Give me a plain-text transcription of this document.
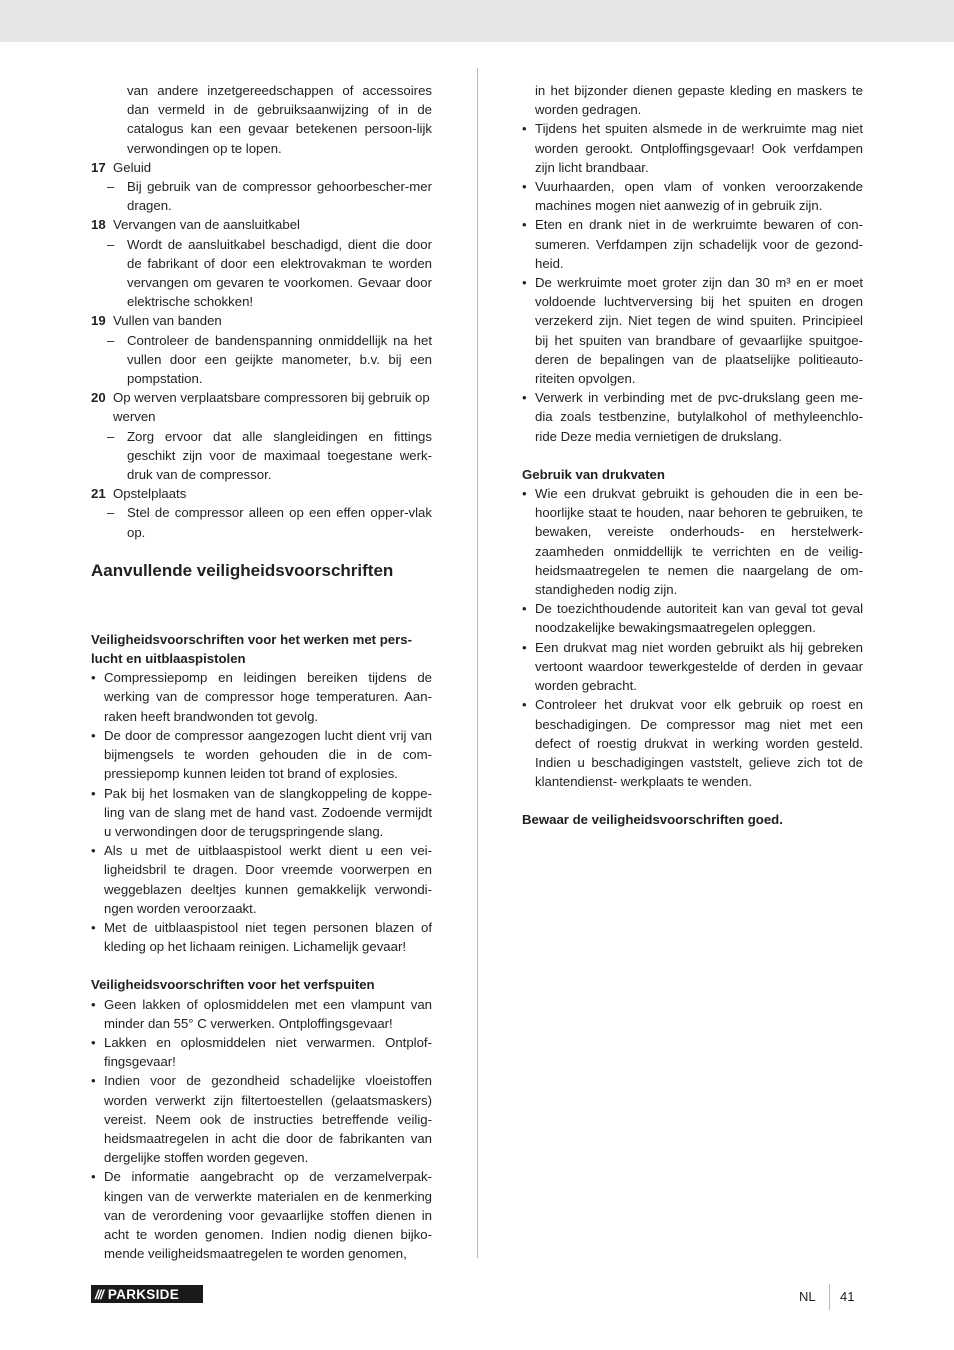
van andere inzetgereedschappen of accessoires dan vermeld in de gebruiksaanwijzing of in de catalogus kan een gevaar betekenen persoon-lijk verwondingen op te lopen.

17 Geluid
– Bij gebruik van de compressor gehoorbescher-mer dragen.
18 Vervangen van de aansluitkabel
– Wordt de aansluitkabel beschadigd, dient die door de fabrikant of door een elektrovakman te worden vervangen om gevaren te voorkomen. Gevaar door elektrische schokken!
19 Vullen van banden
– Controleer de bandenspanning onmiddellijk na het vullen door een geijkte manometer, b.v. bij een pompstation.
20 Op werven verplaatsbare compressoren bij gebruik op werven
– Zorg ervoor dat alle slangleidingen en fittings geschikt zijn voor de maximaal toegestane werk-druk van de compressor.
21 Opstelplaats
– Stel de compressor alleen op een effen opper-vlak op.
Aanvullende veiligheidsvoorschriften
Veiligheidsvoorschriften voor het werken met pers-lucht en uitblaaspistolen
• Compressiepomp en leidingen bereiken tijdens de werking van de compressor hoge temperaturen. Aan-raken heeft brandwonden tot gevolg.
• De door de compressor aangezogen lucht dient vrij van bijmengsels te worden gehouden die in de com-pressiepomp kunnen leiden tot brand of explosies.
• Pak bij het losmaken van de slangkoppeling de koppe-ling van de slang met de hand vast. Zodoende vermijdt u verwondingen door de terugspringende slang.
• Als u met de uitblaaspistool werkt dient u een vei-ligheidsbril te dragen. Door vreemde voorwerpen en weggeblazen deeltjes kunnen gemakkelijk verwondi-ngen worden veroorzaakt.
• Met de uitblaaspistool niet tegen personen blazen of kleding op het lichaam reinigen. Lichamelijk gevaar!
Veiligheidsvoorschriften voor het verfspuiten
• Geen lakken of oplosmiddelen met een vlampunt van minder dan 55° C verwerken. Ontploffingsgevaar!
• Lakken en oplosmiddelen niet verwarmen. Ontplof-fingsgevaar!
• Indien voor de gezondheid schadelijke vloeistoffen worden verwerkt zijn filtertoestellen (gelaatsmaskers) vereist. Neem ook de instructies betreffende veilig-heidsmaatregelen in acht die door de fabrikanten van dergelijke stoffen worden gegeven.
• De informatie aangebracht op de verzamelverpak-kingen van de verwerkte materialen en de kenmerking van de verordening voor gevaarlijke stoffen dienen in acht te worden genomen. Indien nodig dienen bijko-mende veiligheidsmaatregelen te worden genomen,

in het bijzonder dienen gepaste kleding en maskers te worden gedragen.

• Tijdens het spuiten alsmede in de werkruimte mag niet worden gerookt. Ontploffingsgevaar! Ook verfdampen zijn licht brandbaar.
• Vuurhaarden, open vlam of vonken veroorzakende machines mogen niet aanwezig of in gebruik zijn.
• Eten en drank niet in de werkruimte bewaren of con-sumeren. Verfdampen zijn schadelijk voor de gezond-heid.
• De werkruimte moet groter zijn dan 30 m³ en er moet voldoende luchtverversing bij het spuiten en drogen verzekerd zijn. Niet tegen de wind spuiten. Principieel bij het spuiten van brandbare of gevaarlijke spuitgoe-deren de bepalingen van de plaatselijke politieauto-riteiten opvolgen.
• Verwerk in verbinding met de pvc-drukslang geen me-dia zoals testbenzine, butylalkohol of methyleenchlo-ride Deze media vernietigen de drukslang.
Gebruik van drukvaten
• Wie een drukvat gebruikt is gehouden die in een be-hoorlijke staat te houden, naar behoren te gebruiken, te bewaken, vereiste onderhouds- en herstelwerk-zaamheden onmiddellijk te verrichten en de veilig-heidsmaatregelen te nemen die naargelang de om-standigheden nodig zijn.
• De toezichthoudende autoriteit kan van geval tot geval noodzakelijke bewakingsmaatregelen opleggen.
• Een drukvat mag niet worden gebruikt als hij gebreken vertoont waardoor tewerkgestelde of derden in gevaar worden gebracht.
• Controleer het drukvat voor elk gebruik op roest en beschadigingen. De compressor mag niet met een defect of roestig drukvat in werking worden gesteld. Indien u beschadigingen vaststelt, gelieve zich tot de klantendienst- werkplaats te wenden.
Bewaar de veiligheidsvoorschriften goed.
/// PARKSIDE	NL 41
